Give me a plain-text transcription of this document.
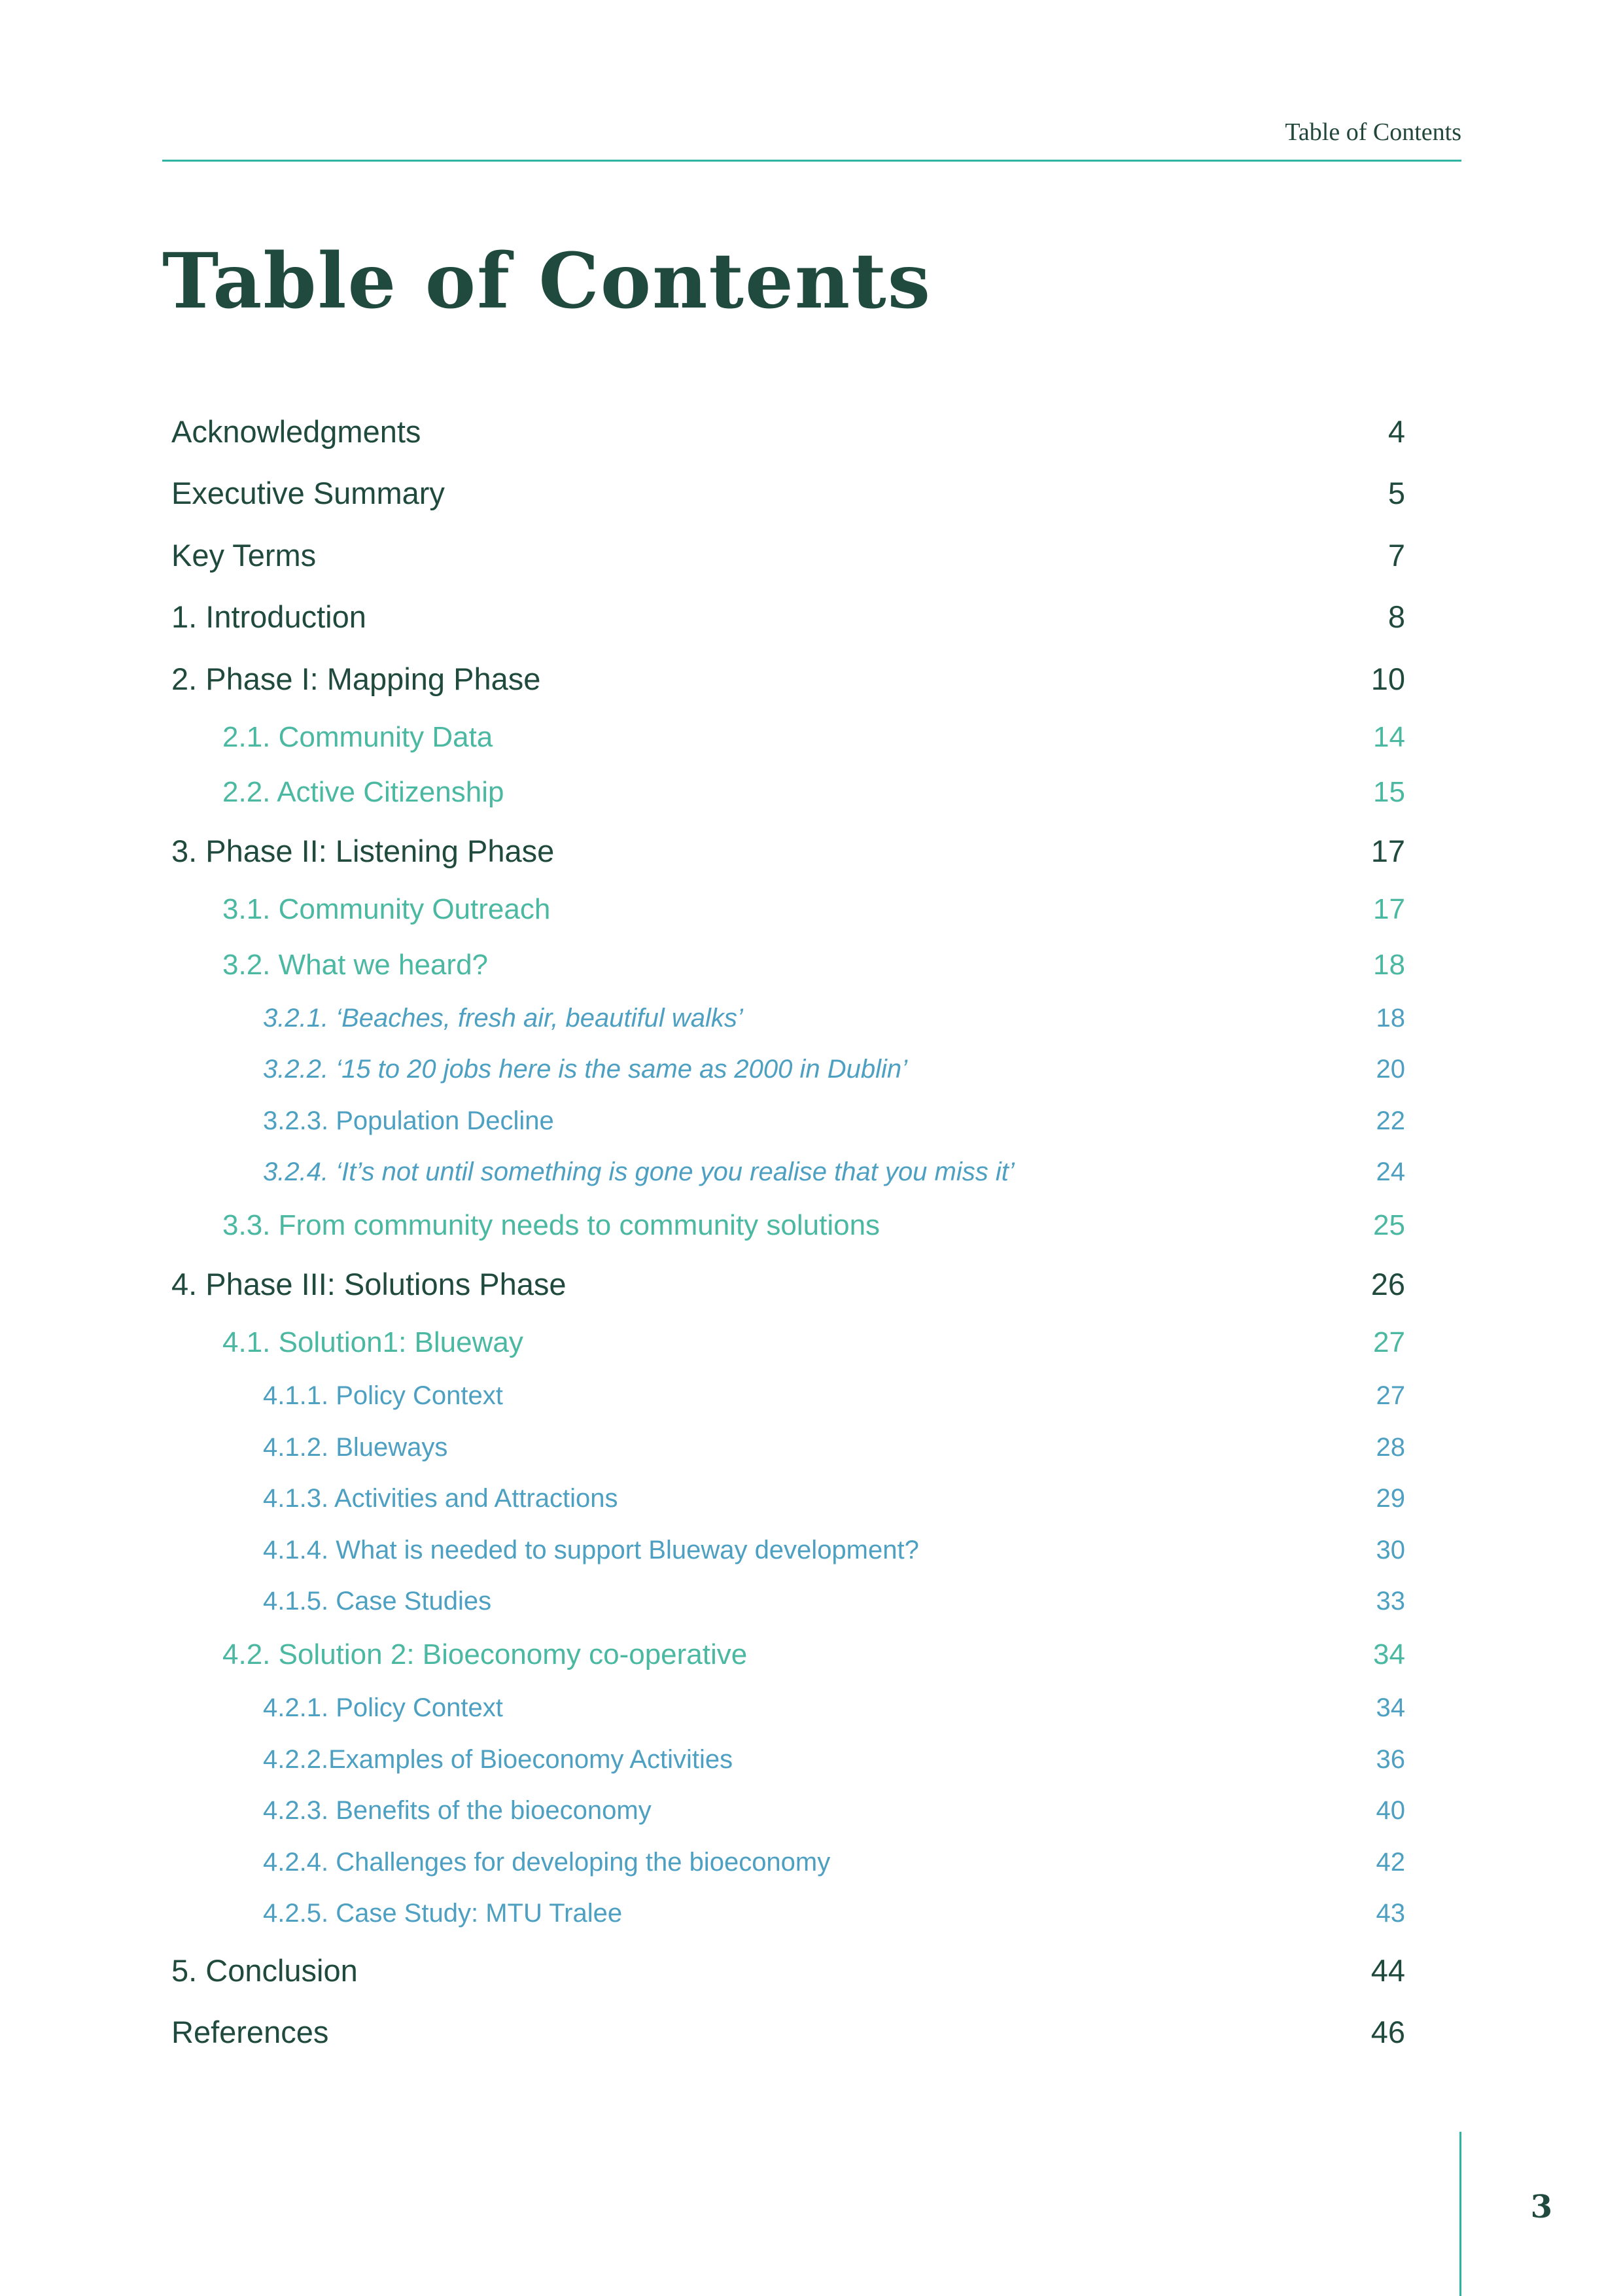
Table of Contents
Table of Contents
Acknowledgments	4
Executive Summary	5
Key Terms	7
1. Introduction	8
2. Phase I: Mapping Phase	10
2.1. Community Data	14
2.2. Active Citizenship	15
3. Phase II: Listening Phase	17
3.1. Community Outreach	17
3.2. What we heard?	18
3.2.1. ‘Beaches, fresh air, beautiful walks’	18
3.2.2. ‘15 to 20 jobs here is the same as 2000 in Dublin’	20
3.2.3. Population Decline	22
3.2.4. ‘It’s not until something is gone you realise that you miss it’	24
3.3. From community needs to community solutions	25
4. Phase III: Solutions Phase	26
4.1. Solution1: Blueway	27
4.1.1. Policy Context	27
4.1.2. Blueways	28
4.1.3. Activities and Attractions	29
4.1.4. What is needed to support Blueway development?	30
4.1.5. Case Studies	33
4.2. Solution 2: Bioeconomy co-operative	34
4.2.1. Policy Context	34
4.2.2.Examples of Bioeconomy Activities	36
4.2.3. Benefits of the bioeconomy	40
4.2.4. Challenges for developing the bioeconomy	42
4.2.5. Case Study: MTU Tralee	43
5. Conclusion	44
References	46
3
